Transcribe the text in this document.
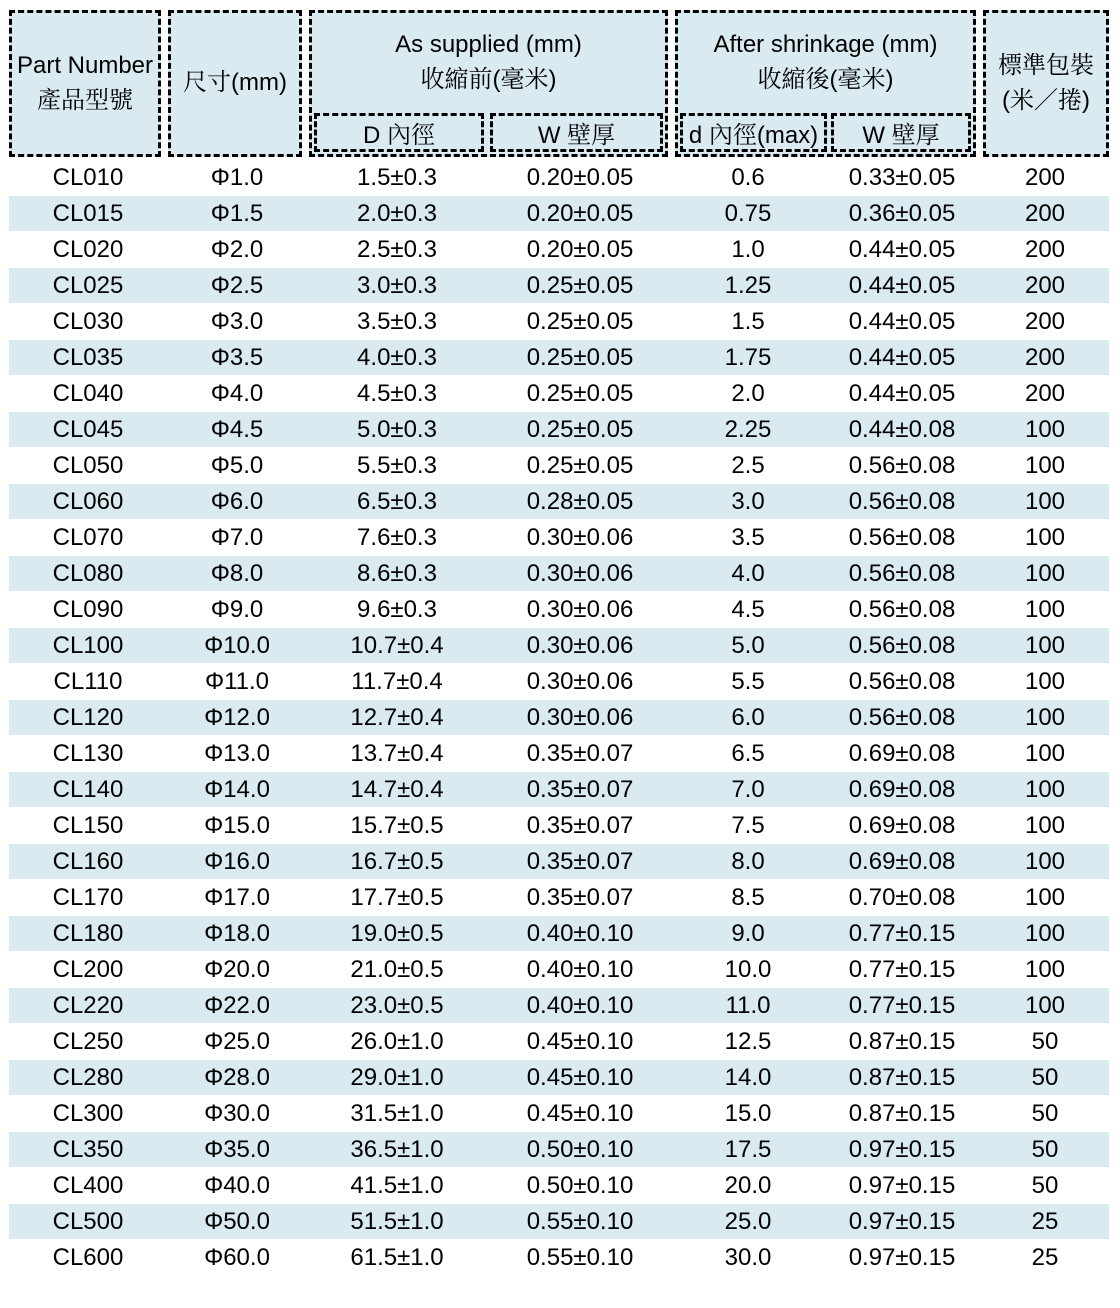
Part Number
產品型號
尺寸(mm)
As supplied (mm)
收縮前(毫米)
D 內徑	W 壁厚
After shrinkage (mm)
收縮後(毫米)
d 內徑(max)	W 壁厚
標準包裝
(米／捲)
CL010	Φ1.0	1.5±0.3	0.20±0.05	0.6	0.33±0.05	200
CL015	Φ1.5	2.0±0.3	0.20±0.05	0.75	0.36±0.05	200
CL020	Φ2.0	2.5±0.3	0.20±0.05	1.0	0.44±0.05	200
CL025	Φ2.5	3.0±0.3	0.25±0.05	1.25	0.44±0.05	200
CL030	Φ3.0	3.5±0.3	0.25±0.05	1.5	0.44±0.05	200
CL035	Φ3.5	4.0±0.3	0.25±0.05	1.75	0.44±0.05	200
CL040	Φ4.0	4.5±0.3	0.25±0.05	2.0	0.44±0.05	200
CL045	Φ4.5	5.0±0.3	0.25±0.05	2.25	0.44±0.08	100
CL050	Φ5.0	5.5±0.3	0.25±0.05	2.5	0.56±0.08	100
CL060	Φ6.0	6.5±0.3	0.28±0.05	3.0	0.56±0.08	100
CL070	Φ7.0	7.6±0.3	0.30±0.06	3.5	0.56±0.08	100
CL080	Φ8.0	8.6±0.3	0.30±0.06	4.0	0.56±0.08	100
CL090	Φ9.0	9.6±0.3	0.30±0.06	4.5	0.56±0.08	100
CL100	Φ10.0	10.7±0.4	0.30±0.06	5.0	0.56±0.08	100
CL110	Φ11.0	11.7±0.4	0.30±0.06	5.5	0.56±0.08	100
CL120	Φ12.0	12.7±0.4	0.30±0.06	6.0	0.56±0.08	100
CL130	Φ13.0	13.7±0.4	0.35±0.07	6.5	0.69±0.08	100
CL140	Φ14.0	14.7±0.4	0.35±0.07	7.0	0.69±0.08	100
CL150	Φ15.0	15.7±0.5	0.35±0.07	7.5	0.69±0.08	100
CL160	Φ16.0	16.7±0.5	0.35±0.07	8.0	0.69±0.08	100
CL170	Φ17.0	17.7±0.5	0.35±0.07	8.5	0.70±0.08	100
CL180	Φ18.0	19.0±0.5	0.40±0.10	9.0	0.77±0.15	100
CL200	Φ20.0	21.0±0.5	0.40±0.10	10.0	0.77±0.15	100
CL220	Φ22.0	23.0±0.5	0.40±0.10	11.0	0.77±0.15	100
CL250	Φ25.0	26.0±1.0	0.45±0.10	12.5	0.87±0.15	50
CL280	Φ28.0	29.0±1.0	0.45±0.10	14.0	0.87±0.15	50
CL300	Φ30.0	31.5±1.0	0.45±0.10	15.0	0.87±0.15	50
CL350	Φ35.0	36.5±1.0	0.50±0.10	17.5	0.97±0.15	50
CL400	Φ40.0	41.5±1.0	0.50±0.10	20.0	0.97±0.15	50
CL500	Φ50.0	51.5±1.0	0.55±0.10	25.0	0.97±0.15	25
CL600	Φ60.0	61.5±1.0	0.55±0.10	30.0	0.97±0.15	25
